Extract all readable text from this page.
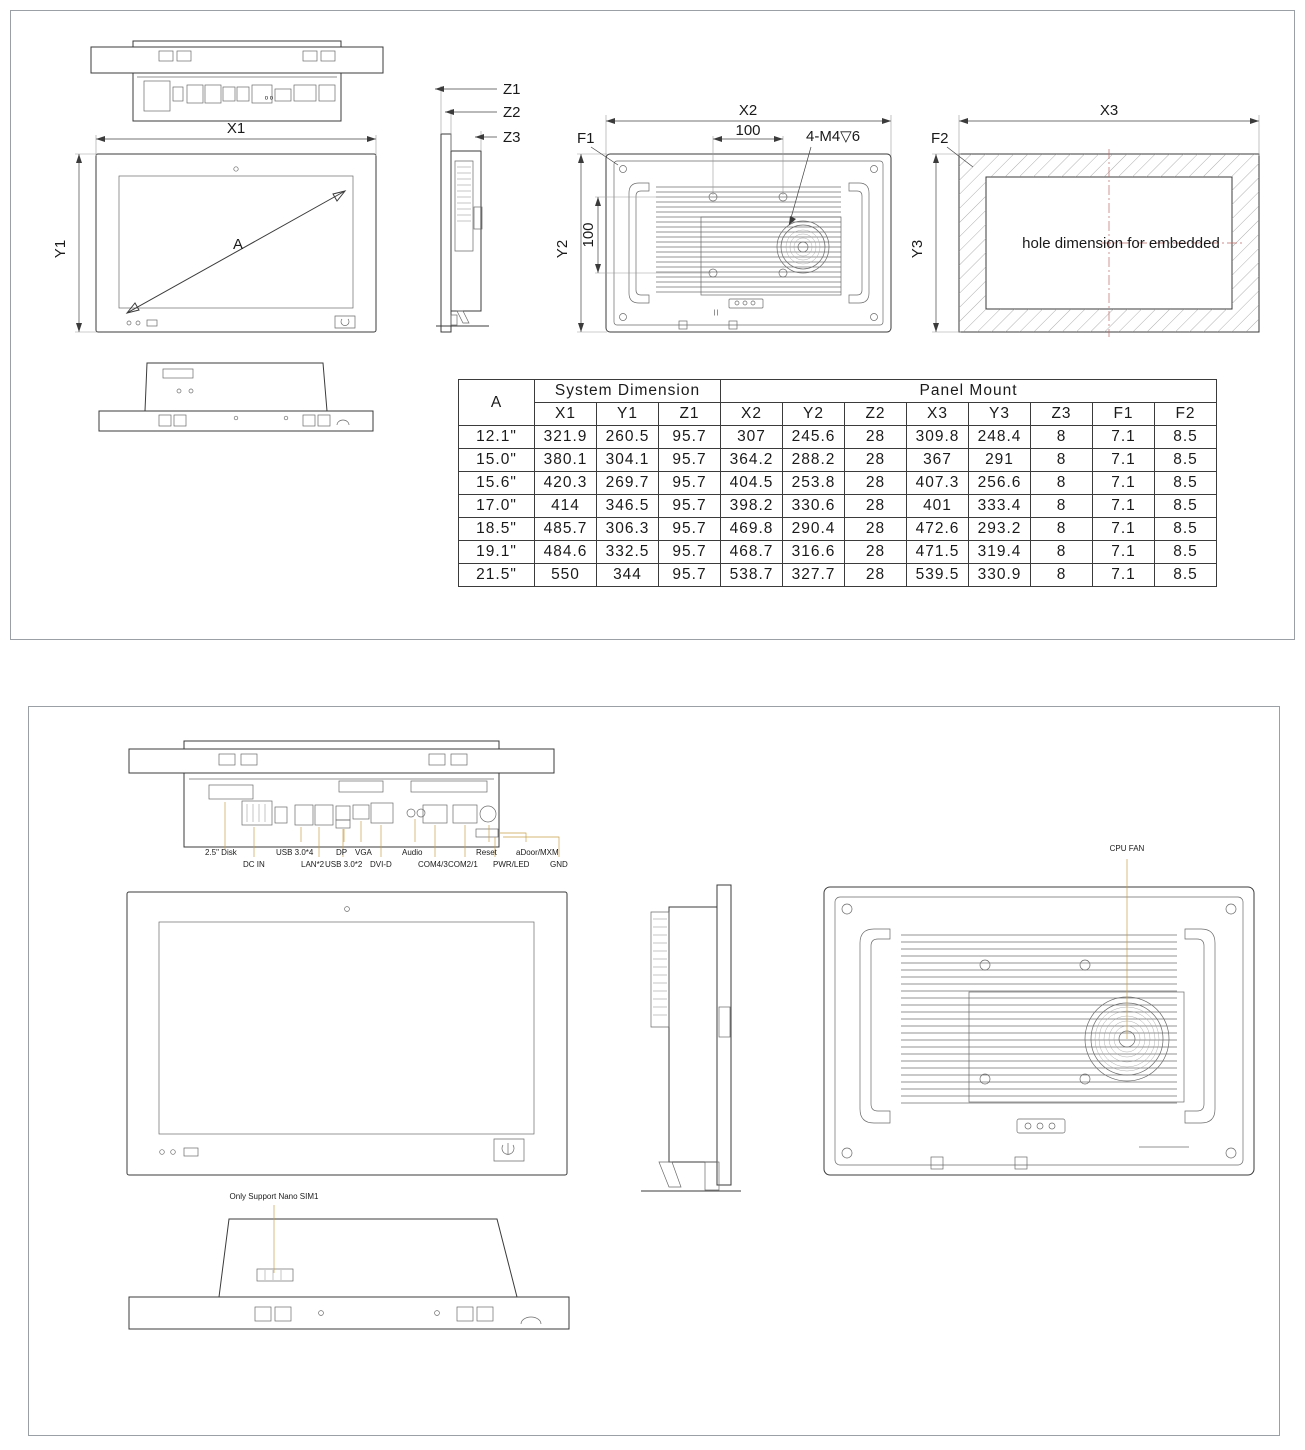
o o
A
X1
Y1
Z1
Z2
Z3
| |
X2
Y2
100
100
4-M4▽6
F1
hole dimension for embedded
X3
Y3
F2
A	System Dimension			Panel Mount							
	X1	Y1	Z1	X2	Y2	Z2	X3	Y3	Z3	F1	F2
12.1"	321.9	260.5	95.7	307	245.6	28	309.8	248.4	8	7.1	8.5
15.0"	380.1	304.1	95.7	364.2	288.2	28	367	291	8	7.1	8.5
15.6"	420.3	269.7	95.7	404.5	253.8	28	407.3	256.6	8	7.1	8.5
17.0"	414	346.5	95.7	398.2	330.6	28	401	333.4	8	7.1	8.5
18.5"	485.7	306.3	95.7	469.8	290.4	28	472.6	293.2	8	7.1	8.5
19.1"	484.6	332.5	95.7	468.7	316.6	28	471.5	319.4	8	7.1	8.5
21.5"	550	344	95.7	538.7	327.7	28	539.5	330.9	8	7.1	8.5
2.5" Disk
DC IN
USB 3.0*4
LAN*2
DP
USB 3.0*2
VGA
DVI-D
Audio
COM4/3 COM2/1
Reset
PWR/LED
aDoor/MXM
GND
CPU FAN
Only Support Nano SIM1
